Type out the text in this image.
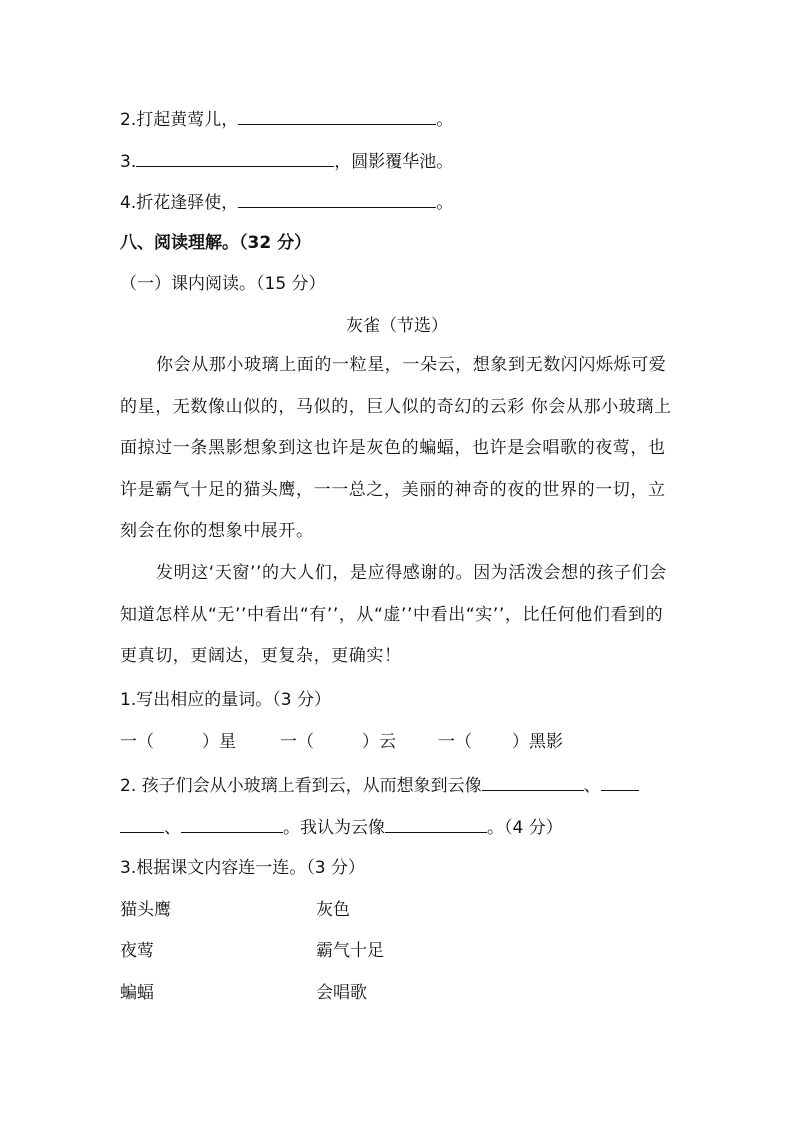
2.打起黄莺儿，	。
3.	，圆影覆华池。
4.折花逢驿使，	。
八、阅读理解。（32 分）
（一）课内阅读。（15 分）
灰雀（节选）
你会从那小玻璃上面的一粒星，一朵云，想象到无数闪闪烁烁可爱的星，无数像山似的，马似的，巨人似的奇幻的云彩 你会从那小玻璃上面掠过一条黑影想象到这也许是灰色的蝙蝠，也许是会唱歌的夜莺，也许是霸气十足的猫头鹰，一一总之，美丽的神奇的夜的世界的一切，立刻会在你的想象中展开。
发明这‘天窗’’的大人们，是应得感谢的。因为活泼会想的孩子们会知道怎样从“无’’中看出“有’’，从“虚’’中看出“实’’，比任何他们看到的更真切，更阔达，更复杂，更确实！
1.写出相应的量词。（3 分）
一（	）星	一（	）云 一（ ）黑影
2. 孩子们会从小玻璃上看到云，从而想象到云像	、
、	。我认为云像	。（4 分）
3.根据课文内容连一连。（3 分）
猫头鹰	灰色
夜莺	霸气十足
蝙蝠	会唱歌
